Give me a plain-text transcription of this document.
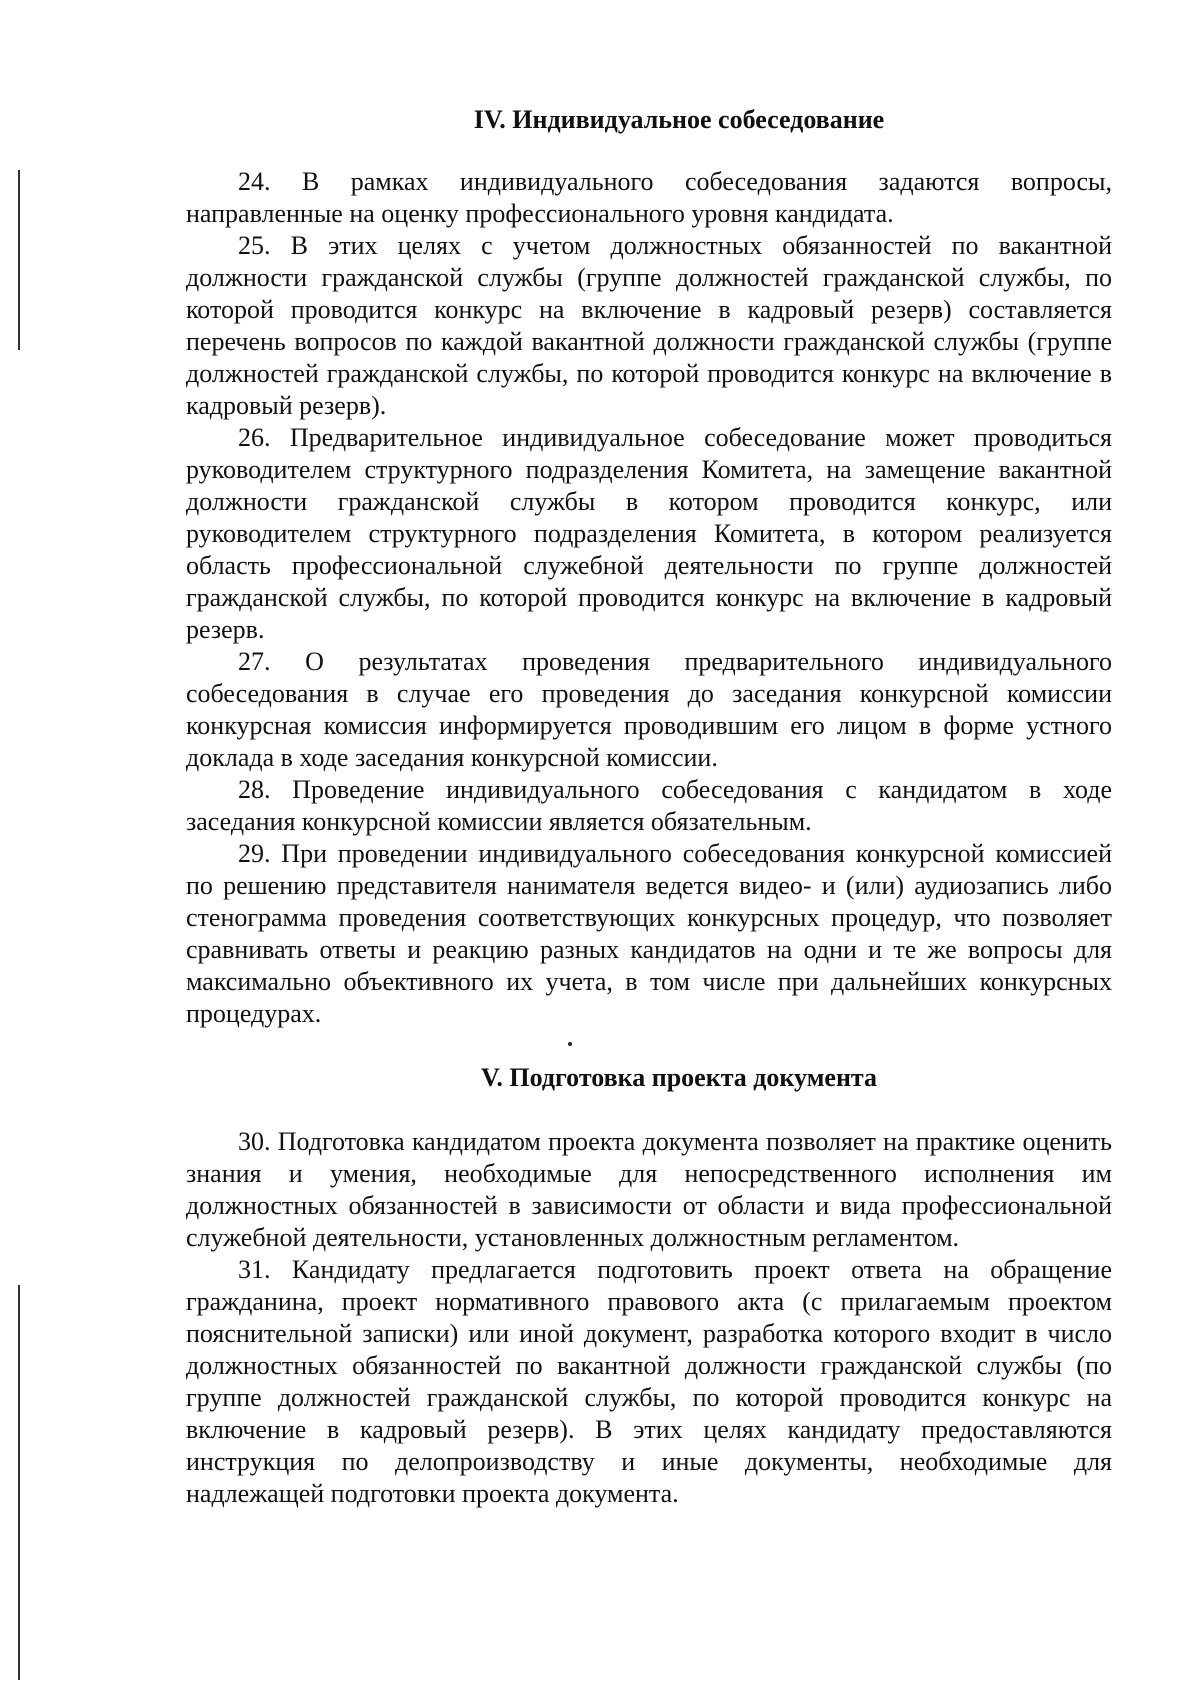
IV. Индивидуальное собеседование

24. В рамках индивидуального собеседования задаются вопросы, направленные на оценку профессионального уровня кандидата.

25. В этих целях с учетом должностных обязанностей по вакантной должности гражданской службы (группе должностей гражданской службы, по которой проводится конкурс на включение в кадровый резерв) составляется перечень вопросов по каждой вакантной должности гражданской службы (группе должностей гражданской службы, по которой проводится конкурс на включение в кадровый резерв).

26. Предварительное индивидуальное собеседование может проводиться руководителем структурного подразделения Комитета, на замещение вакантной должности гражданской службы в котором проводится конкурс, или руководителем структурного подразделения Комитета, в котором реализуется область профессиональной служебной деятельности по группе должностей гражданской службы, по которой проводится конкурс на включение в кадровый резерв.

27. О результатах проведения предварительного индивидуального собеседования в случае его проведения до заседания конкурсной комиссии конкурсная комиссия информируется проводившим его лицом в форме устного доклада в ходе заседания конкурсной комиссии.

28. Проведение индивидуального собеседования с кандидатом в ходе заседания конкурсной комиссии является обязательным.

29. При проведении индивидуального собеседования конкурсной комиссией по решению представителя нанимателя ведется видео- и (или) аудиозапись либо стенограмма проведения соответствующих конкурсных процедур, что позволяет сравнивать ответы и реакцию разных кандидатов на одни и те же вопросы для максимально объективного их учета, в том числе при дальнейших конкурсных процедурах.

V. Подготовка проекта документа

30. Подготовка кандидатом проекта документа позволяет на практике оценить знания и умения, необходимые для непосредственного исполнения им должностных обязанностей в зависимости от области и вида профессиональной служебной деятельности, установленных должностным регламентом.

31. Кандидату предлагается подготовить проект ответа на обращение гражданина, проект нормативного правового акта (с прилагаемым проектом пояснительной записки) или иной документ, разработка которого входит в число должностных обязанностей по вакантной должности гражданской службы (по группе должностей гражданской службы, по которой проводится конкурс на включение в кадровый резерв). В этих целях кандидату предоставляются инструкция по делопроизводству и иные документы, необходимые для надлежащей подготовки проекта документа.
